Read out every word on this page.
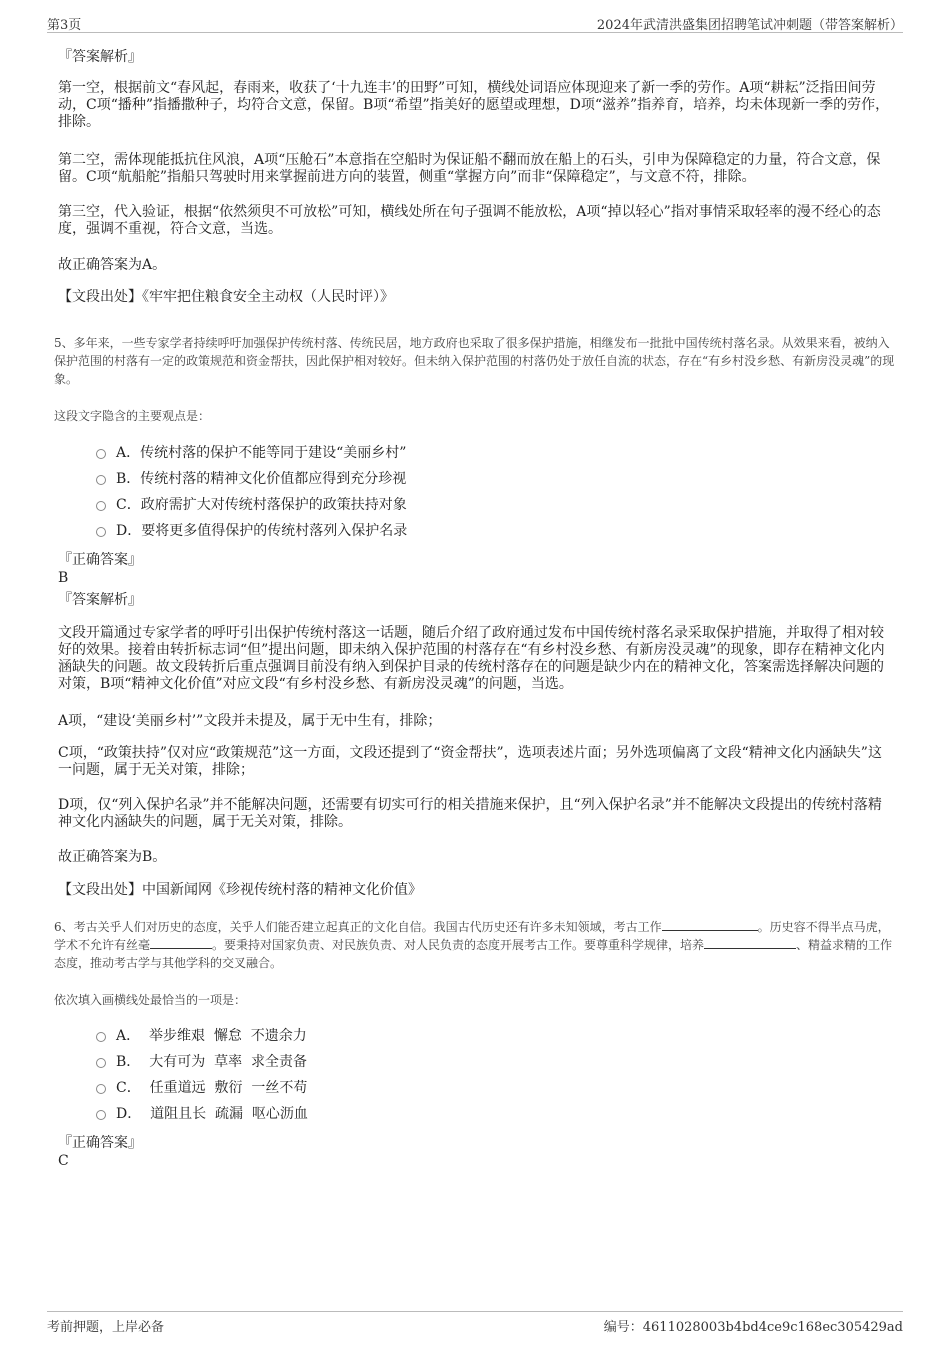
第3页	2024年武清洪盛集团招聘笔试冲刺题（带答案解析）

『答案解析』

第一空，根据前文“春风起，春雨来，收获了‘十九连丰’的田野”可知，横线处词语应体现迎来了新一季的劳作。A项“耕耘”泛指田间劳动，C项“播种”指播撒种子，均符合文意，保留。B项“希望”指美好的愿望或理想，D项“滋养”指养育，培养，均未体现新一季的劳作，排除。

第二空，需体现能抵抗住风浪，A项“压舱石”本意指在空船时为保证船不翻而放在船上的石头，引申为保障稳定的力量，符合文意，保留。C项“航船舵”指船只驾驶时用来掌握前进方向的装置，侧重“掌握方向”而非“保障稳定”，与文意不符，排除。

第三空，代入验证，根据“依然须臾不可放松”可知，横线处所在句子强调不能放松，A项“掉以轻心”指对事情采取轻率的漫不经心的态度，强调不重视，符合文意，当选。

故正确答案为A。

【文段出处】《牢牢把住粮食安全主动权（人民时评）》

5、多年来，一些专家学者持续呼吁加强保护传统村落、传统民居，地方政府也采取了很多保护措施，相继发布一批批中国传统村落名录。从效果来看，被纳入保护范围的村落有一定的政策规范和资金帮扶，因此保护相对较好。但未纳入保护范围的村落仍处于放任自流的状态，存在“有乡村没乡愁、有新房没灵魂”的现象。

这段文字隐含的主要观点是：

A．传统村落的保护不能等同于建设“美丽乡村”
B．传统村落的精神文化价值都应得到充分珍视
C．政府需扩大对传统村落保护的政策扶持对象
D．要将更多值得保护的传统村落列入保护名录

『正确答案』

B

『答案解析』

文段开篇通过专家学者的呼吁引出保护传统村落这一话题，随后介绍了政府通过发布中国传统村落名录采取保护措施，并取得了相对较好的效果。接着由转折标志词“但”提出问题，即未纳入保护范围的村落存在“有乡村没乡愁、有新房没灵魂”的现象，即存在精神文化内涵缺失的问题。故文段转折后重点强调目前没有纳入到保护目录的传统村落存在的问题是缺少内在的精神文化，答案需选择解决问题的对策，B项“精神文化价值”对应文段“有乡村没乡愁、有新房没灵魂”的问题，当选。

A项，“建设‘美丽乡村’”文段并未提及，属于无中生有，排除；

C项，“政策扶持”仅对应“政策规范”这一方面，文段还提到了“资金帮扶”，选项表述片面；另外选项偏离了文段“精神文化内涵缺失”这一问题，属于无关对策，排除；

D项，仅“列入保护名录”并不能解决问题，还需要有切实可行的相关措施来保护，且“列入保护名录”并不能解决文段提出的传统村落精神文化内涵缺失的问题，属于无关对策，排除。

故正确答案为B。

【文段出处】中国新闻网《珍视传统村落的精神文化价值》

6、考古关乎人们对历史的态度，关乎人们能否建立起真正的文化自信。我国古代历史还有许多未知领域，考古工作	。历史容不得半点马虎，学术不允许有丝毫	。要秉持对国家负责、对民族负责、对人民负责的态度开展考古工作。要尊重科学规律，培养	、精益求精的工作态度，推动考古学与其他学科的交叉融合。

依次填入画横线处最恰当的一项是：

A．  举步维艰  懈怠  不遗余力
B．  大有可为  草率  求全责备
C．  任重道远  敷衍  一丝不苟
D．  道阻且长  疏漏  呕心沥血

『正确答案』

C

考前押题，上岸必备	编号：4611028003b4bd4ce9c168ec305429ad
